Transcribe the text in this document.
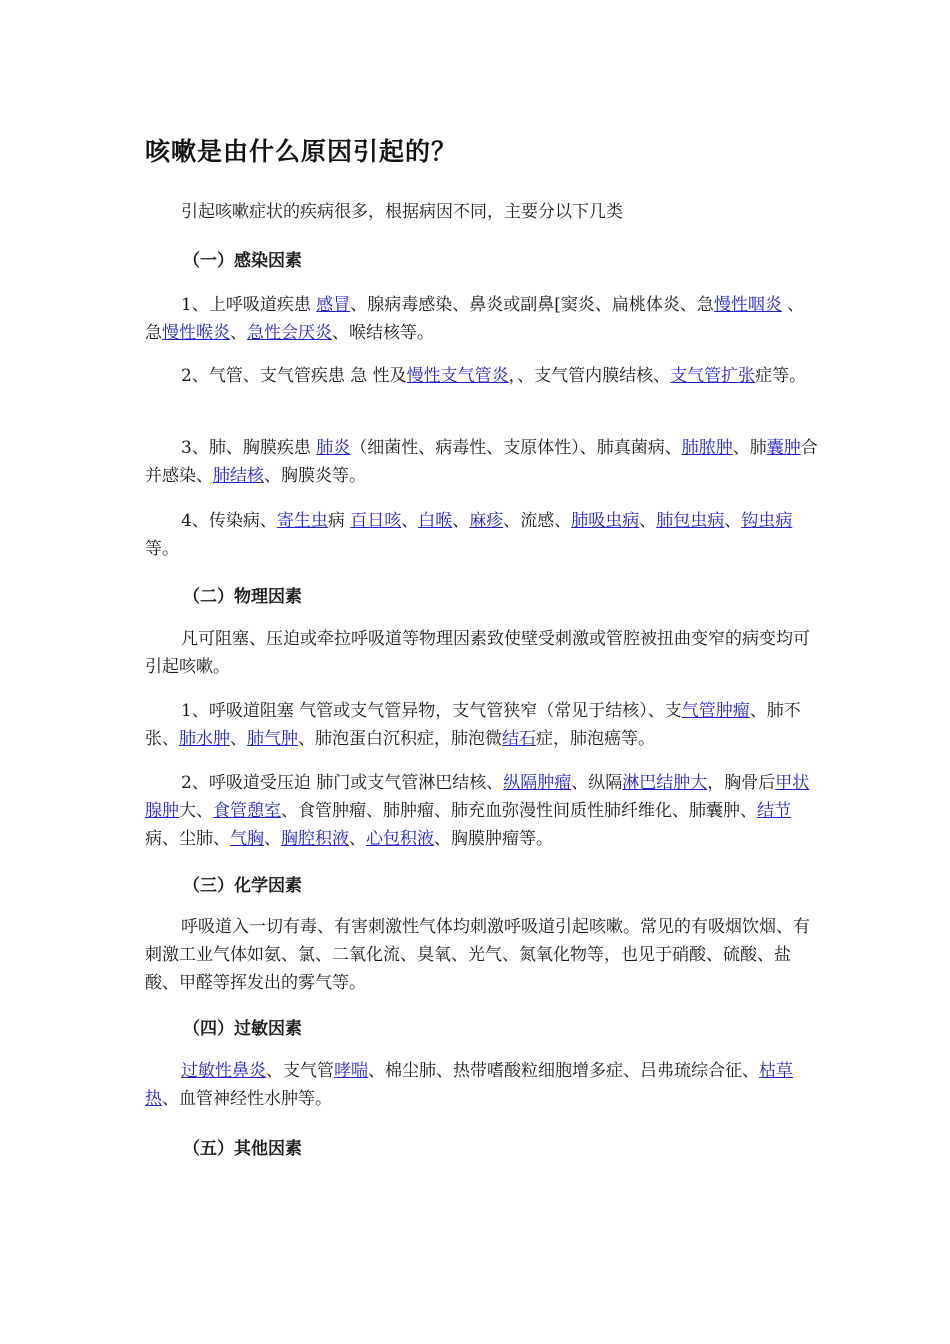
咳嗽是由什么原因引起的？

引起咳嗽症状的疾病很多，根据病因不同，主要分以下几类

（一）感染因素

1、上呼吸道疾患 感冒、腺病毒感染、鼻炎或副鼻[窦炎、扁桃体炎、急慢性咽炎 、急慢性喉炎、急性会厌炎、喉结核等。

2、气管、支气管疾患 急 性及慢性支气管炎，、支气管内膜结核、支气管扩张症等。

3、肺、胸膜疾患 肺炎（细菌性、病毒性、支原体性）、肺真菌病、肺脓肿、肺囊肿合并感染、肺结核、胸膜炎等。

4、传染病、寄生虫病 百日咳、白喉、麻疹、流感、肺吸虫病、肺包虫病、钩虫病等。

（二）物理因素

凡可阻塞、压迫或牵拉呼吸道等物理因素致使壁受刺激或管腔被扭曲变窄的病变均可引起咳嗽。

1、呼吸道阻塞 气管或支气管异物，支气管狭窄（常见于结核）、支气管肿瘤、肺不张、肺水肿、肺气肿、肺泡蛋白沉积症，肺泡微结石症，肺泡癌等。

2、呼吸道受压迫 肺门或支气管淋巴结核、纵隔肿瘤、纵隔淋巴结肿大，胸骨后甲状腺肿大、食管憩室、食管肿瘤、肺肿瘤、肺充血弥漫性间质性肺纤维化、肺囊肿、结节病、尘肺、气胸、胸腔积液、心包积液、胸膜肿瘤等。

（三）化学因素

呼吸道入一切有毒、有害刺激性气体均刺激呼吸道引起咳嗽。常见的有吸烟饮烟、有刺激工业气体如氨、氯、二氧化流、臭氧、光气、氮氧化物等，也见于硝酸、硫酸、盐酸、甲醛等挥发出的雾气等。

（四）过敏因素

过敏性鼻炎、支气管哮喘、棉尘肺、热带嗜酸粒细胞增多症、吕弗琉综合征、枯草热、血管神经性水肿等。

（五）其他因素
